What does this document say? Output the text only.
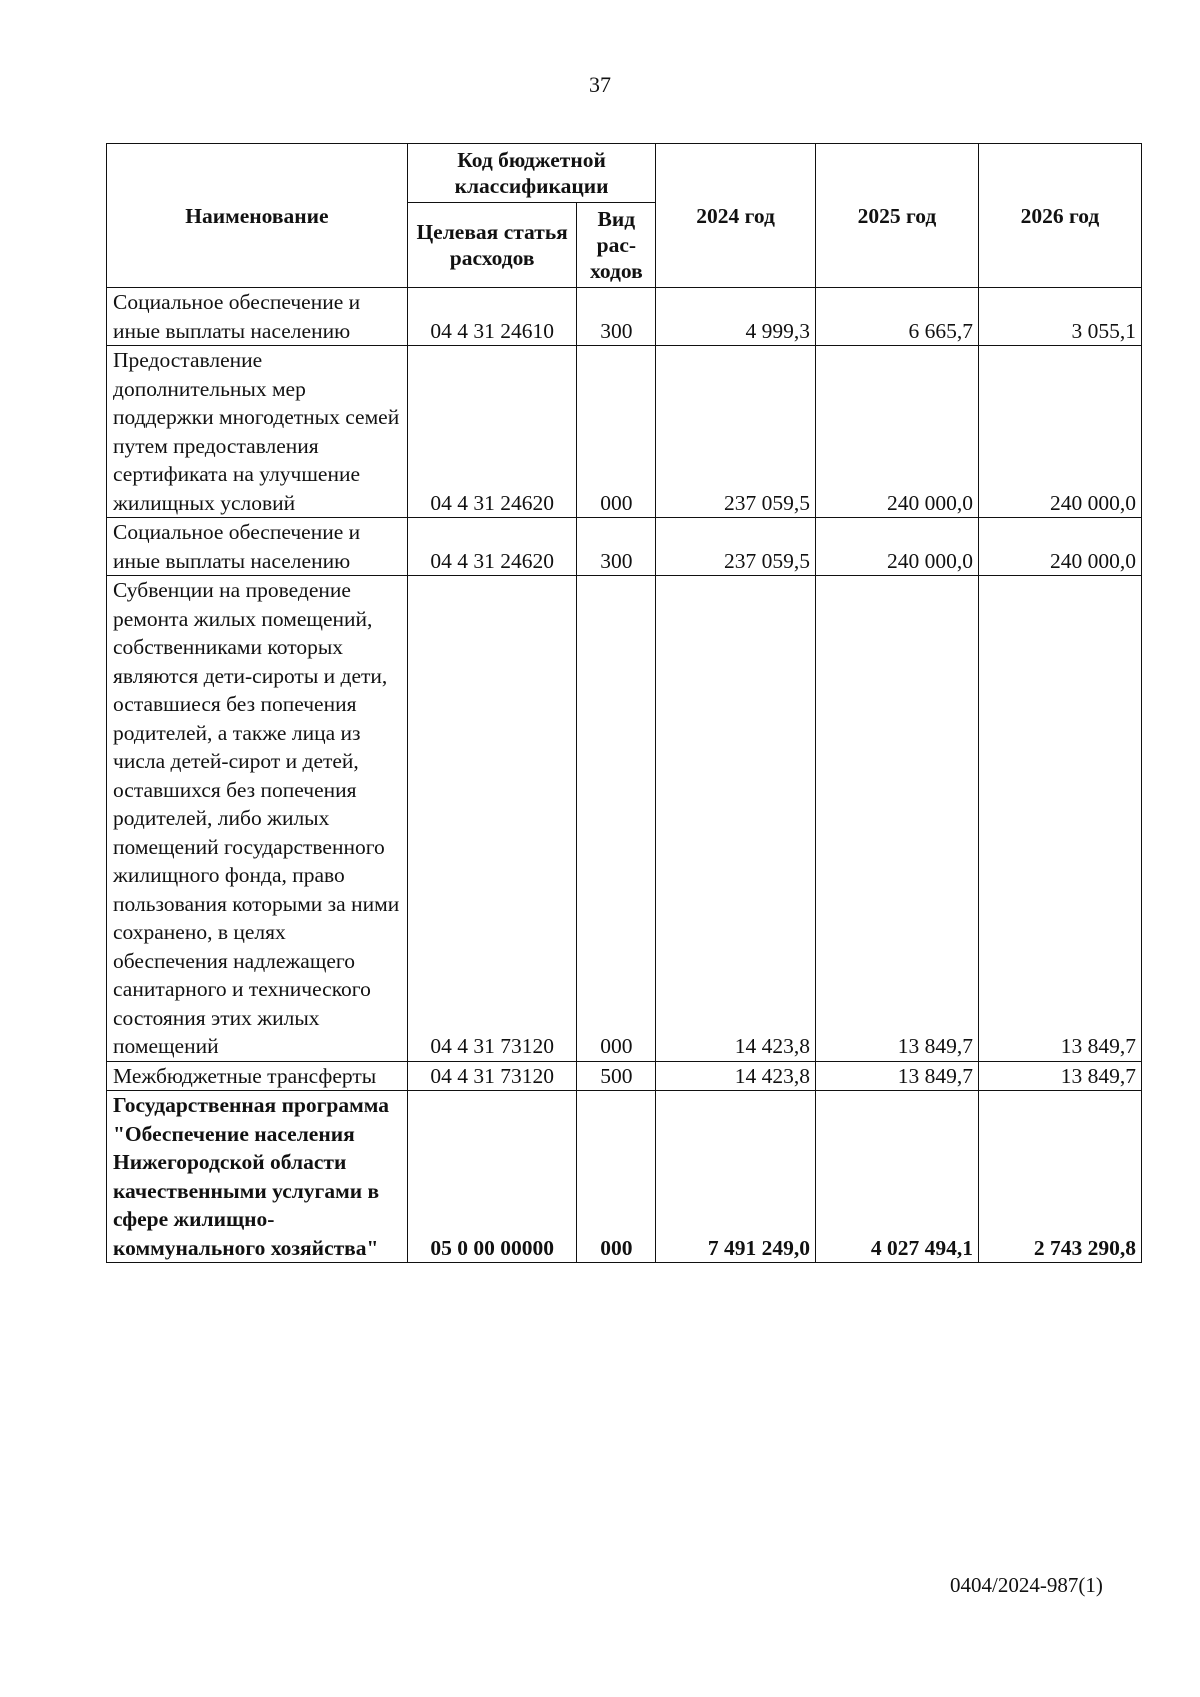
37
Наименование	Код бюджетной классификации		2024 год	2025 год	2026 год
	Целевая статья расходов	Вид рас-ходов			
Социальное обеспечение и иные выплаты населению	04 4 31 24610	300	4 999,3	6 665,7	3 055,1
Предоставление дополнительных мер поддержки многодетных семей путем предоставления сертификата на улучшение жилищных условий	04 4 31 24620	000	237 059,5	240 000,0	240 000,0
Социальное обеспечение и иные выплаты населению	04 4 31 24620	300	237 059,5	240 000,0	240 000,0
Субвенции на проведение ремонта жилых помещений, собственниками которых являются дети-сироты и дети, оставшиеся без попечения родителей, а также лица из числа детей-сирот и детей, оставшихся без попечения родителей, либо жилых помещений государственного жилищного фонда, право пользования которыми за ними сохранено, в целях обеспечения надлежащего санитарного и технического состояния этих жилых помещений	04 4 31 73120	000	14 423,8	13 849,7	13 849,7
Межбюджетные трансферты	04 4 31 73120	500	14 423,8	13 849,7	13 849,7
Государственная программа "Обеспечение населения Нижегородской области качественными услугами в сфере жилищно-коммунального хозяйства"	05 0 00 00000	000	7 491 249,0	4 027 494,1	2 743 290,8
0404/2024-987(1)
